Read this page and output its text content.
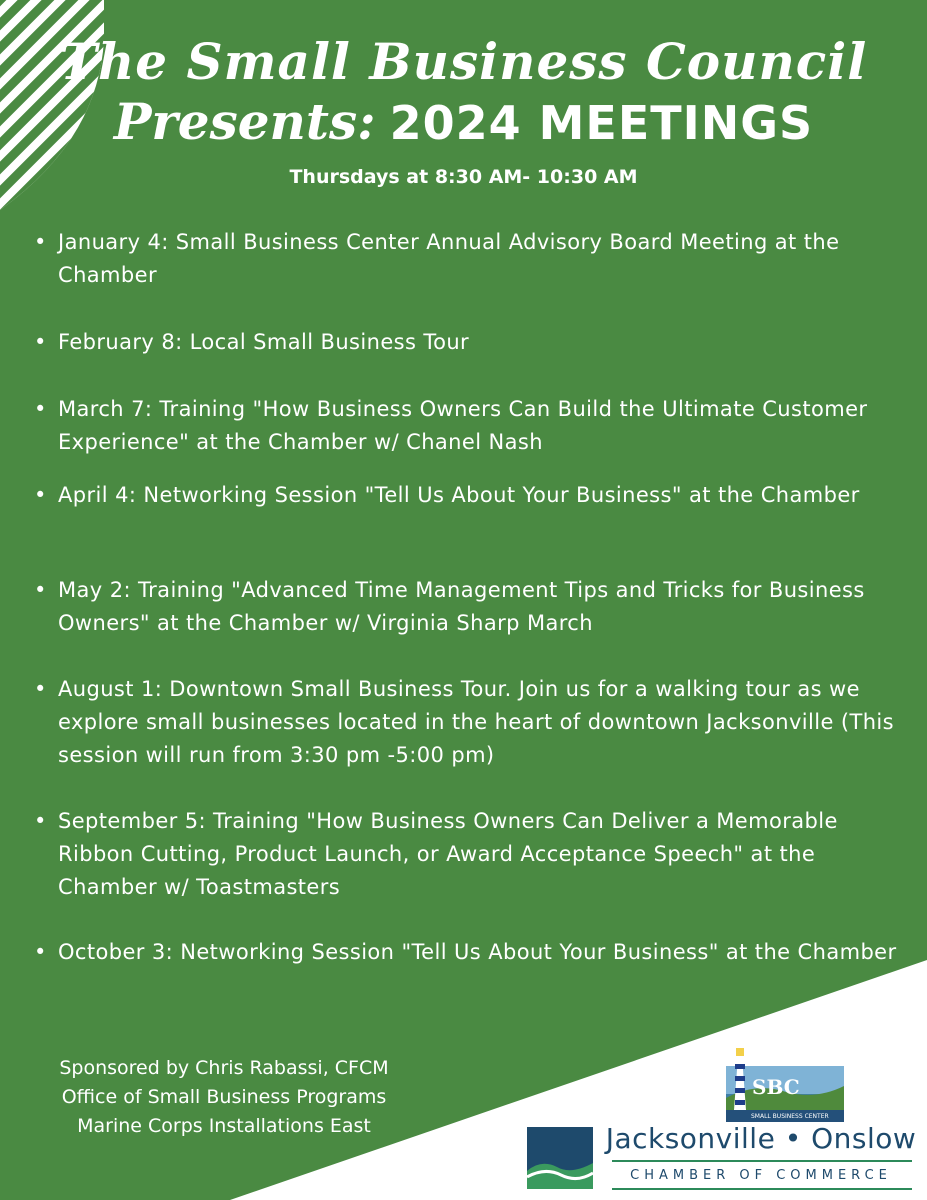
The Small Business Council
Presents: 2024 MEETINGS
Thursdays at 8:30 AM- 10:30 AM
• January 4: Small Business Center Annual Advisory Board Meeting at the Chamber
• February 8: Local Small Business Tour
• March 7: Training "How Business Owners Can Build the Ultimate Customer Experience" at the Chamber w/ Chanel Nash
• April 4: Networking Session "Tell Us About Your Business" at the Chamber
• May 2: Training "Advanced Time Management Tips and Tricks for Business Owners" at the Chamber w/ Virginia Sharp March
• August 1: Downtown Small Business Tour. Join us for a walking tour as we explore small businesses located in the heart of downtown Jacksonville (This session will run from 3:30 pm -5:00 pm)
• September 5: Training "How Business Owners Can Deliver a Memorable Ribbon Cutting, Product Launch, or Award Acceptance Speech" at the Chamber w/ Toastmasters
• October 3: Networking Session "Tell Us About Your Business" at the Chamber
Sponsored by Chris Rabassi, CFCM
Office of Small Business Programs
Marine Corps Installations East
SBC
SMALL BUSINESS CENTER
Jacksonville • Onslow
CHAMBER OF COMMERCE
